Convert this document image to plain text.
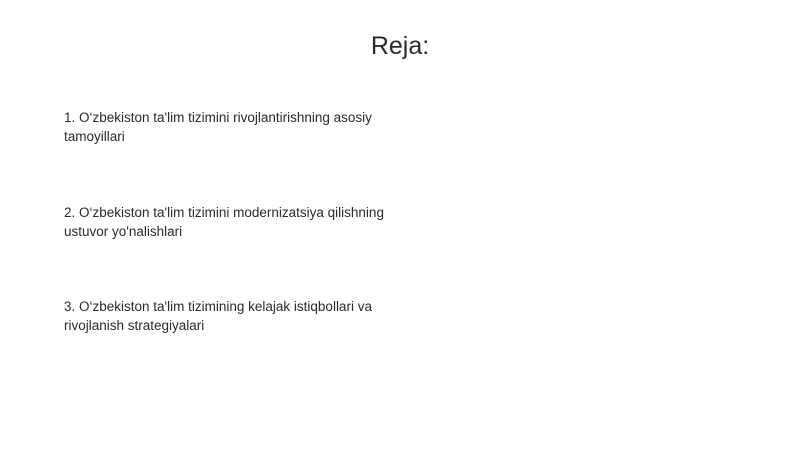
Reja:
1. O‘zbekiston ta'lim tizimini rivojlantirishning asosiy tamoyillari
2. O‘zbekiston ta'lim tizimini modernizatsiya qilishning ustuvor yo'nalishlari
3. O‘zbekiston ta'lim tizimining kelajak istiqbollari va rivojlanish strategiyalari
